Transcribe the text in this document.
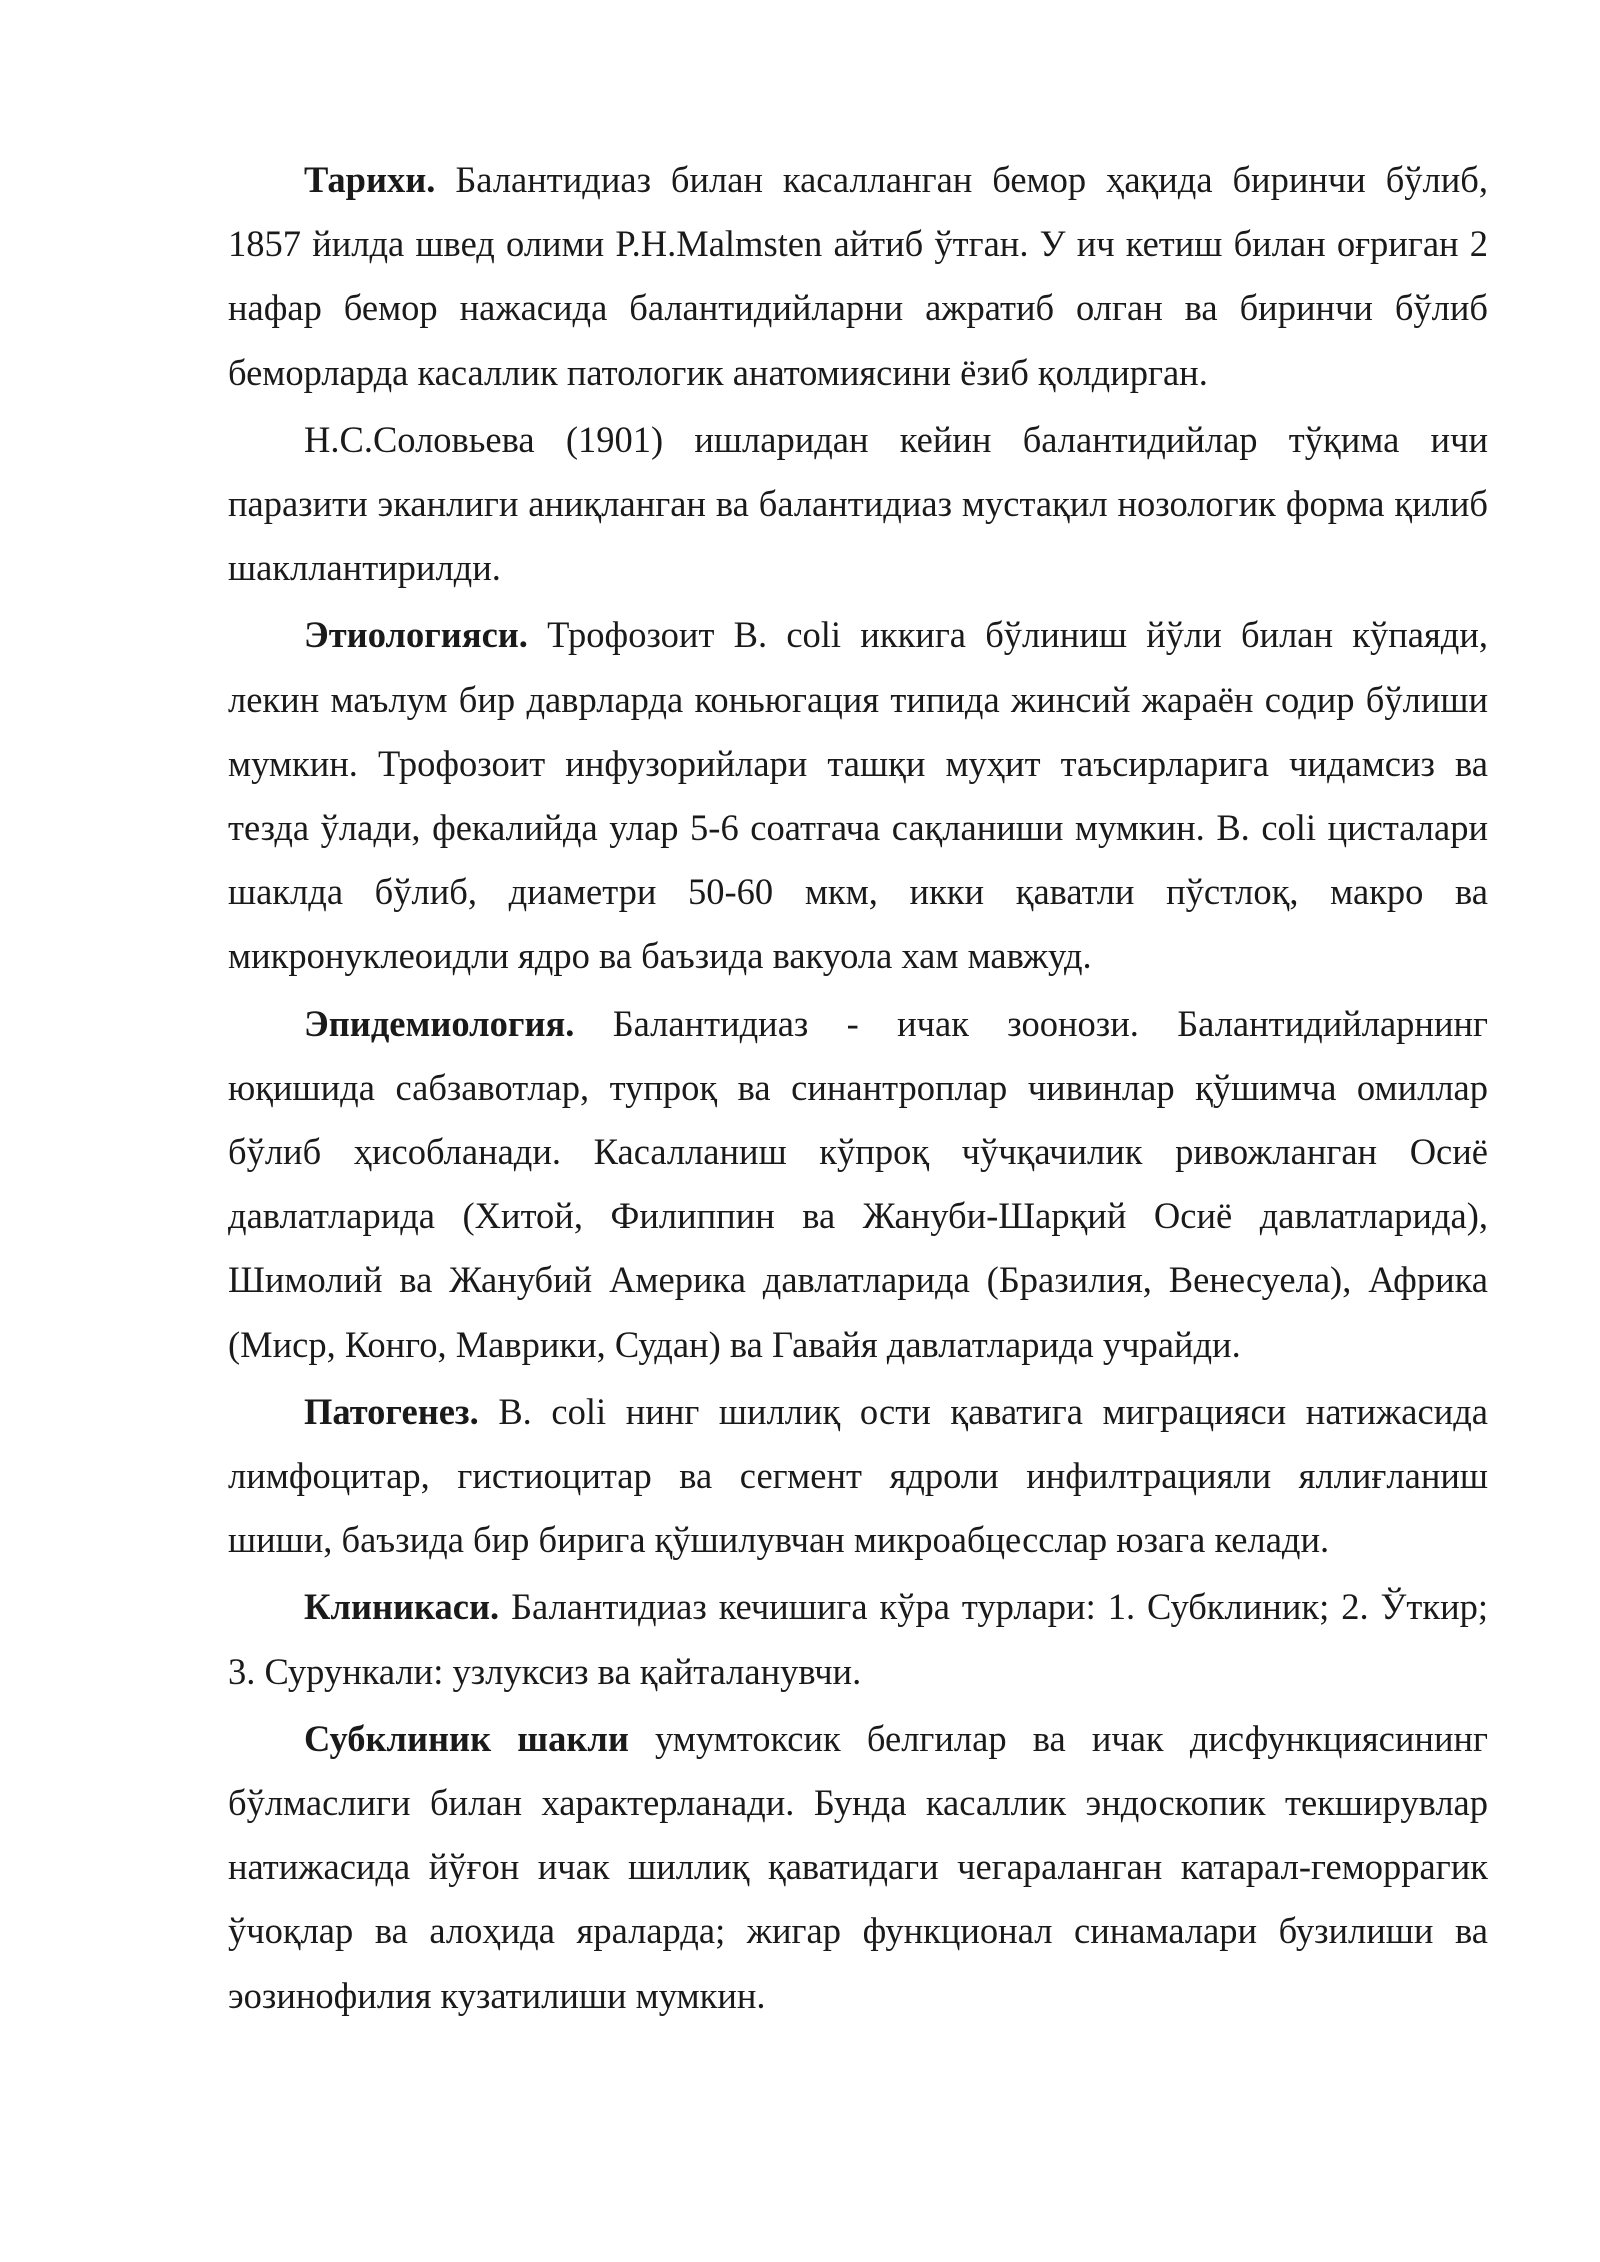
Тарихи. Балантидиаз билан касалланган бемор ҳақида биринчи бўлиб, 1857 йилда швед олими P.H.Malmsten айтиб ўтган. У ич кетиш билан оғриган 2 нафар бемор нажасида балантидийларни ажратиб олган ва биринчи бўлиб беморларда касаллик патологик анатомиясини ёзиб қолдирган.

Н.С.Соловьева (1901) ишларидан кейин балантидийлар тўқима ичи паразити эканлиги аниқланган ва балантидиаз мустақил нозологик форма қилиб шакллантирилди.

Этиологияси. Трофозоит B. coli иккига бўлиниш йўли билан кўпаяди, лекин маълум бир даврларда коньюгация типида жинсий жараён содир бўлиши мумкин. Трофозоит инфузорийлари ташқи муҳит таъсирларига чидамсиз ва тезда ўлади, фекалийда улар 5-6 соатгача сақланиши мумкин. B. coli цисталари шаклда бўлиб, диаметри 50-60 мкм, икки қаватли пўстлоқ, макро ва микронуклеоидли ядро ва баъзида вакуола хам мавжуд.

Эпидемиология. Балантидиаз - ичак зоонози. Балантидийларнинг юқишида сабзавотлар, тупроқ ва синантроплар чивинлар қўшимча омиллар бўлиб ҳисобланади. Касалланиш кўпроқ чўчқачилик ривожланган Осиё давлатларида (Хитой, Филиппин ва Жануби-Шарқий Осиё давлатларида), Шимолий ва Жанубий Америка давлатларида (Бразилия, Венесуела), Африка (Миср, Конго, Маврики, Судан) ва Гавайя давлатларида учрайди.

Патогенез. B. coli нинг шиллиқ ости қаватига миграцияси натижасида лимфоцитар, гистиоцитар ва сегмент ядроли инфилтрацияли яллиғланиш шиши, баъзида бир бирига қўшилувчан микроабцесслар юзага келади.

Клиникаси. Балантидиаз кечишига кўра турлари: 1. Субклиник; 2. Ўткир; 3. Сурункали: узлуксиз ва қайталанувчи.

Субклиник шакли умумтоксик белгилар ва ичак дисфункциясининг бўлмаслиги билан характерланади. Бунда касаллик эндоскопик текширувлар натижасида йўғон ичак шиллиқ қаватидаги чегараланган катарал-геморрагик ўчоқлар ва алоҳида яраларда; жигар функционал синамалари бузилиши ва эозинофилия кузатилиши мумкин.
